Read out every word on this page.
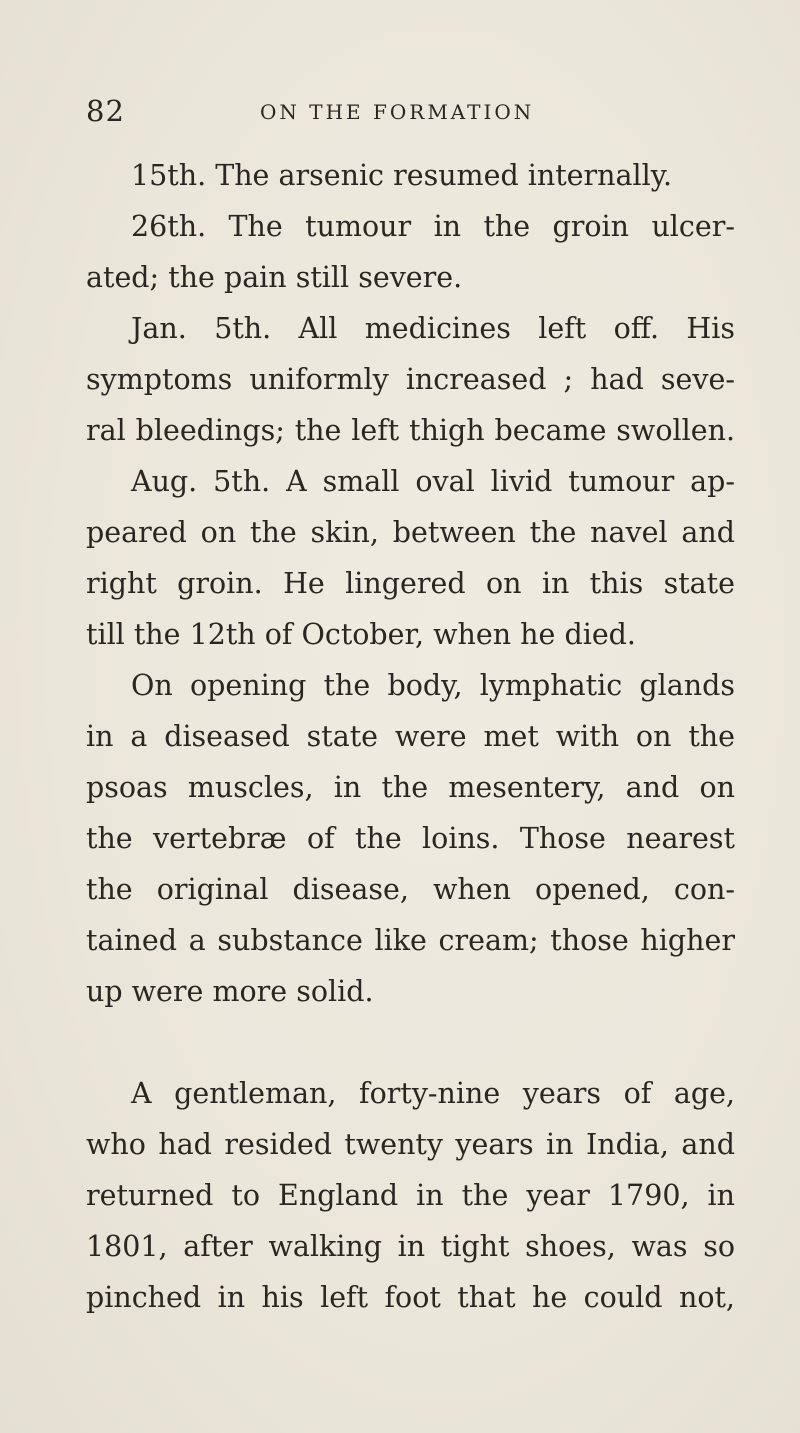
82	ON THE FORMATION
15th. The arsenic resumed internally.
26th. The tumour in the groin ulcer-
ated; the pain still severe.
Jan. 5th. All medicines left off. His
symptoms uniformly increased ; had seve-
ral bleedings; the left thigh became swollen.
Aug. 5th. A small oval livid tumour ap-
peared on the skin, between the navel and
right groin. He lingered on in this state
till the 12th of October, when he died.
On opening the body, lymphatic glands
in a diseased state were met with on the
psoas muscles, in the mesentery, and on
the vertebræ of the loins. Those nearest
the original disease, when opened, con-
tained a substance like cream; those higher
up were more solid.
A gentleman, forty-nine years of age,
who had resided twenty years in India, and
returned to England in the year 1790, in
1801, after walking in tight shoes, was so
pinched in his left foot that he could not,
